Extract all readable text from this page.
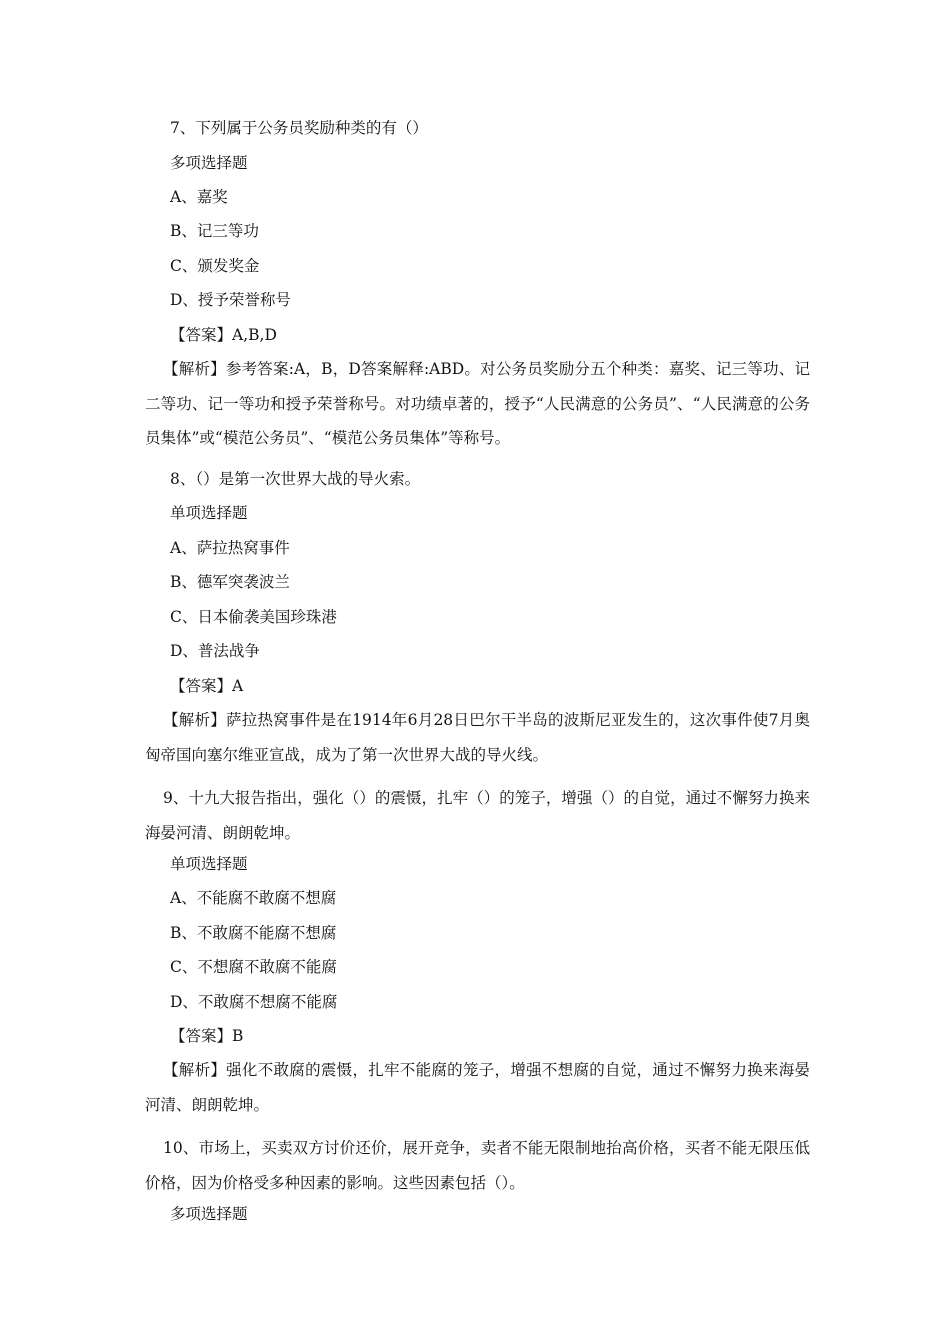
7、下列属于公务员奖励种类的有（）
多项选择题
A、嘉奖
B、记三等功
C、颁发奖金
D、授予荣誉称号
【答案】A,B,D
【解析】参考答案:A，B，D答案解释:ABD。对公务员奖励分五个种类：嘉奖、记三等功、记二等功、记一等功和授予荣誉称号。对功绩卓著的，授予“人民满意的公务员”、“人民满意的公务员集体”或“模范公务员”、“模范公务员集体”等称号。
8、（）是第一次世界大战的导火索。
单项选择题
A、萨拉热窝事件
B、德军突袭波兰
C、日本偷袭美国珍珠港
D、普法战争
【答案】A
【解析】萨拉热窝事件是在1914年6月28日巴尔干半岛的波斯尼亚发生的，这次事件使7月奥匈帝国向塞尔维亚宣战，成为了第一次世界大战的导火线。
9、十九大报告指出，强化（）的震慑，扎牢（）的笼子，增强（）的自觉，通过不懈努力换来海晏河清、朗朗乾坤。
单项选择题
A、不能腐不敢腐不想腐
B、不敢腐不能腐不想腐
C、不想腐不敢腐不能腐
D、不敢腐不想腐不能腐
【答案】B
【解析】强化不敢腐的震慑，扎牢不能腐的笼子，增强不想腐的自觉，通过不懈努力换来海晏河清、朗朗乾坤。
10、市场上，买卖双方讨价还价，展开竞争，卖者不能无限制地抬高价格，买者不能无限压低价格，因为价格受多种因素的影响。这些因素包括（）。
多项选择题
